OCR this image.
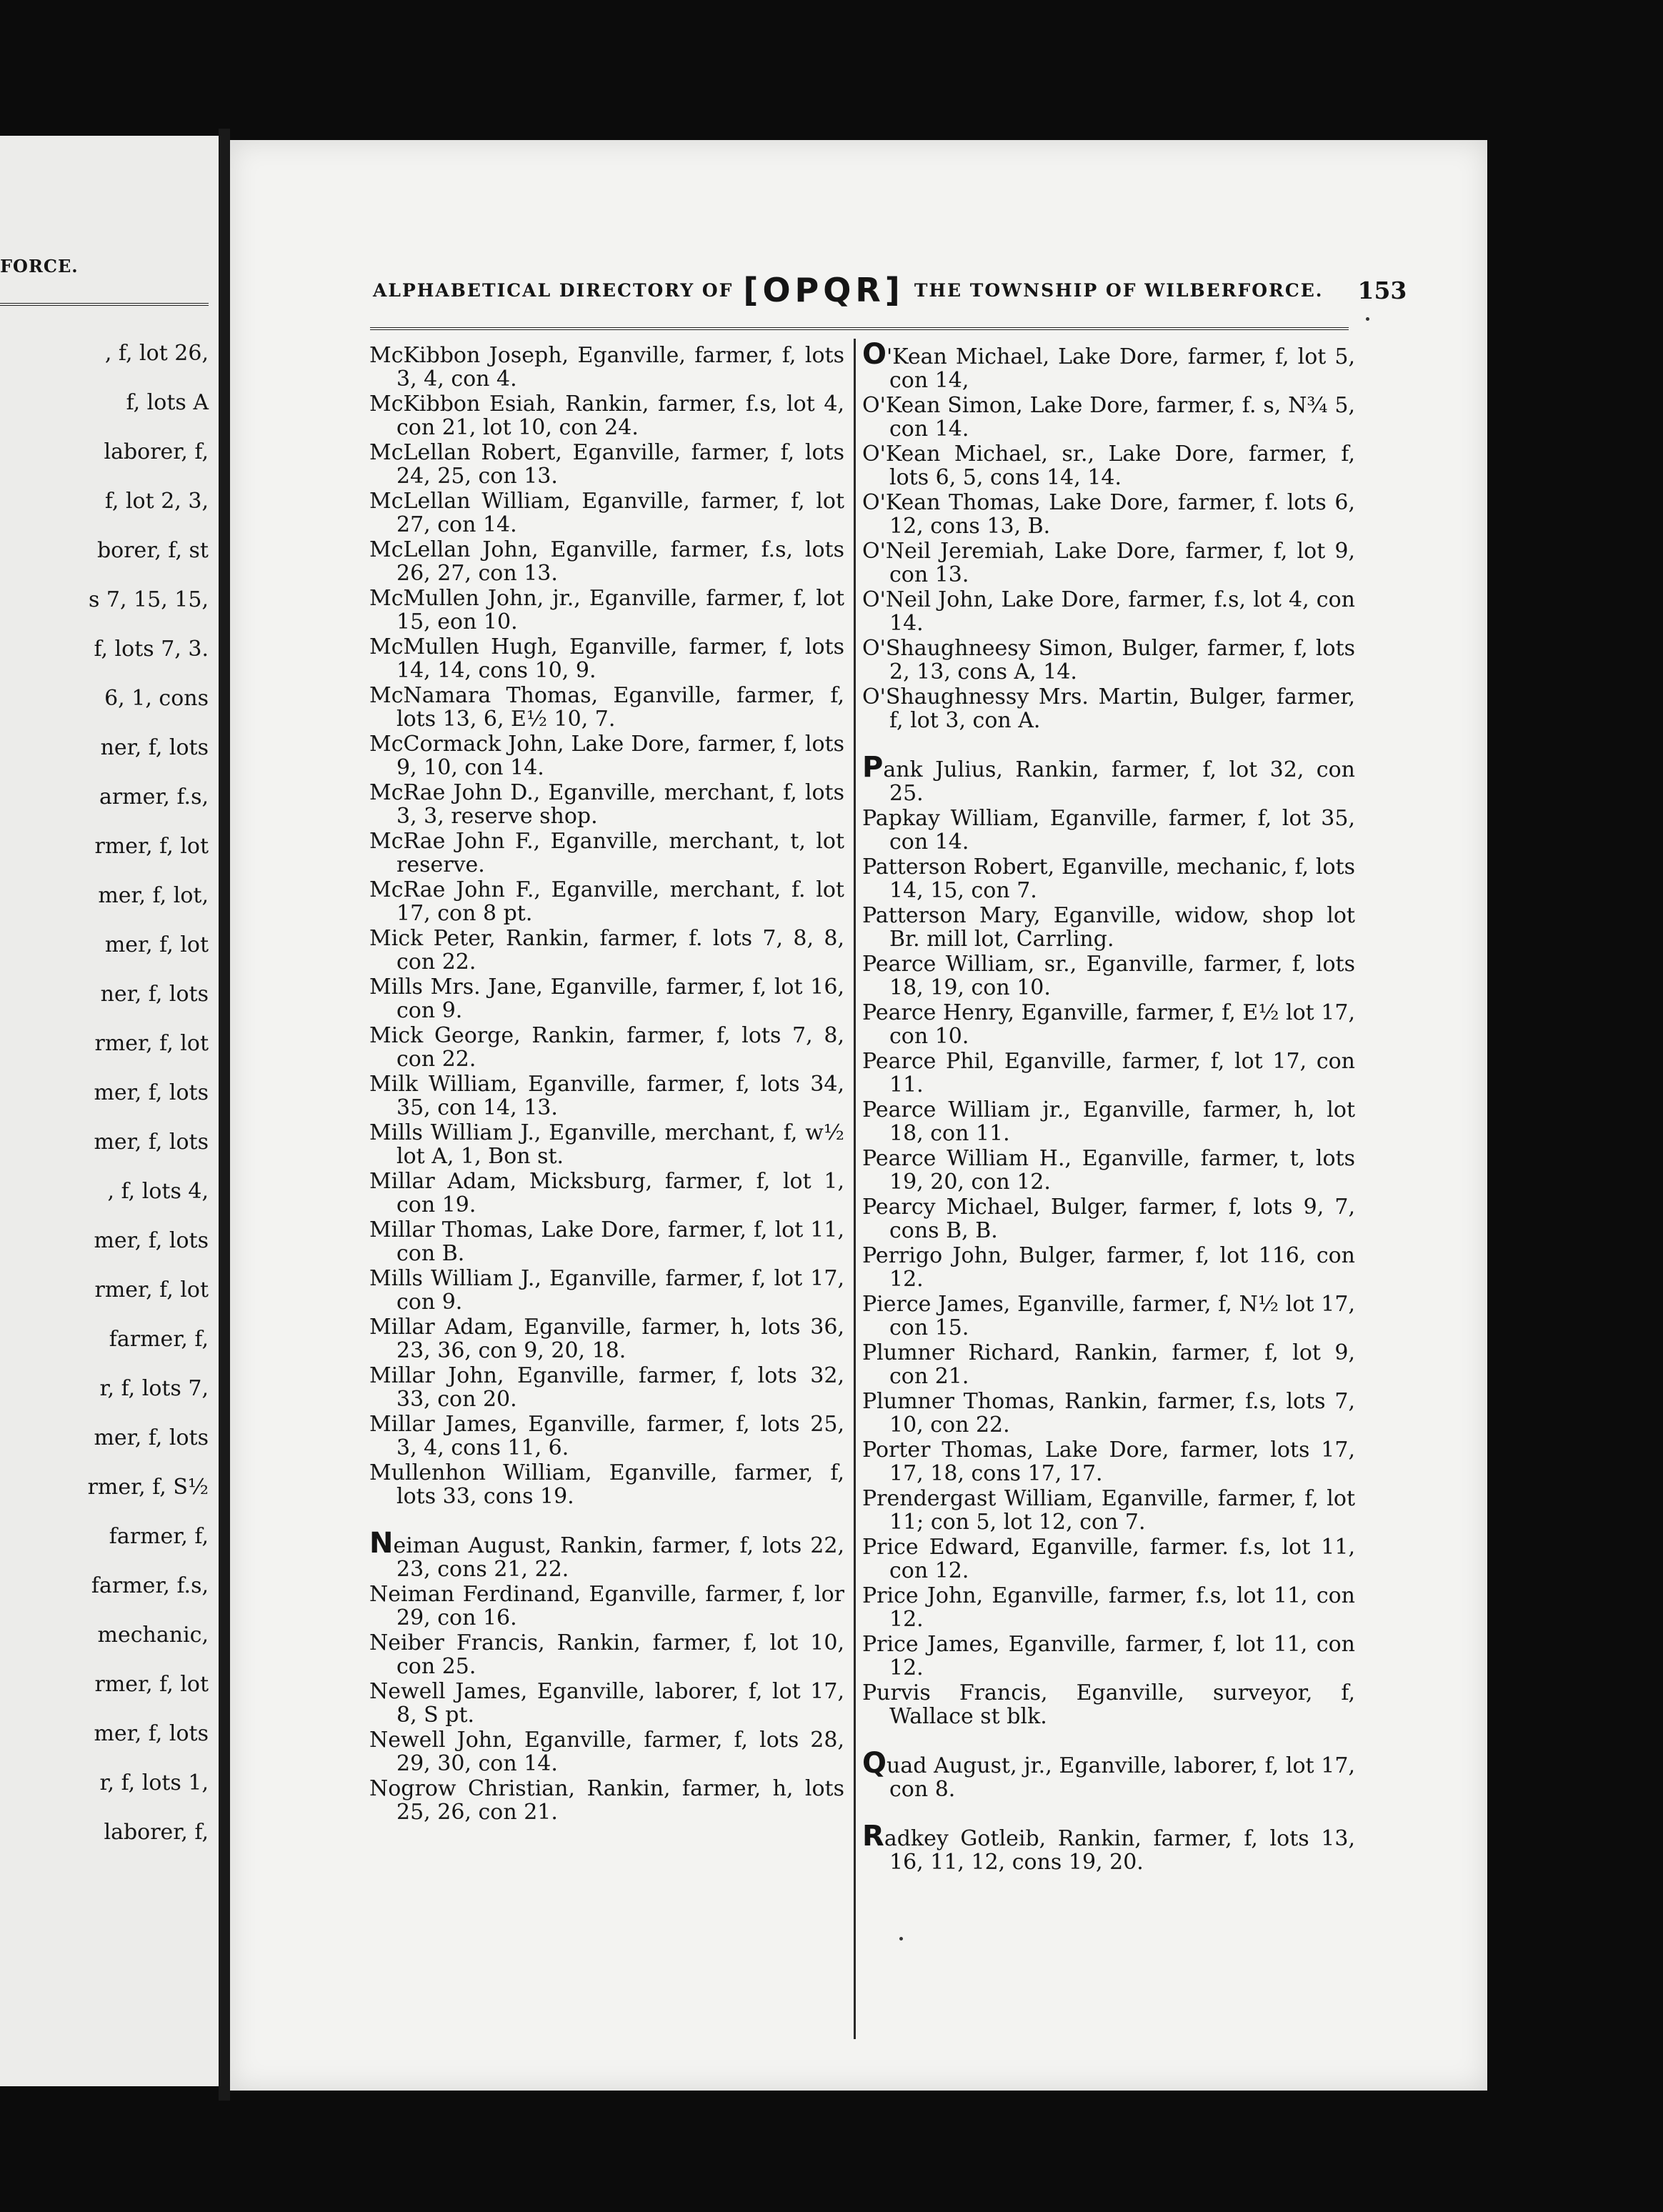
FORCE.
, f, lot 26,
f, lots A
laborer, f,
f, lot 2, 3,
borer, f, st
s 7, 15, 15,
f, lots 7, 3.
6, 1, cons
ner, f, lots
armer, f.s,
rmer, f, lot
mer, f, lot,
mer, f, lot
ner, f, lots
rmer, f, lot
mer, f, lots
mer, f, lots
, f, lots 4,
mer, f, lots
rmer, f, lot
farmer, f,
r, f, lots 7,
mer, f, lots
rmer, f, S½
farmer, f,
farmer, f.s,
mechanic,
rmer, f, lot
mer, f, lots
r, f, lots 1,
laborer, f,
ALPHABETICAL DIRECTORY OF [OPQR] THE TOWNSHIP OF WILBERFORCE. 153
McKibbon Joseph, Eganville, farmer, f, lots 3, 4, con 4.
McKibbon Esiah, Rankin, farmer, f.s, lot 4, con 21, lot 10, con 24.
McLellan Robert, Eganville, farmer, f, lots 24, 25, con 13.
McLellan William, Eganville, farmer, f, lot 27, con 14.
McLellan John, Eganville, farmer, f.s, lots 26, 27, con 13.
McMullen John, jr., Eganville, farmer, f, lot 15, eon 10.
McMullen Hugh, Eganville, farmer, f, lots 14, 14, cons 10, 9.
McNamara Thomas, Eganville, farmer, f, lots 13, 6, E½ 10, 7.
McCormack John, Lake Dore, farmer, f, lots 9, 10, con 14.
McRae John D., Eganville, merchant, f, lots 3, 3, reserve shop.
McRae John F., Eganville, merchant, t, lot reserve.
McRae John F., Eganville, merchant, f. lot 17, con 8 pt.
Mick Peter, Rankin, farmer, f. lots 7, 8, 8, con 22.
Mills Mrs. Jane, Eganville, farmer, f, lot 16, con 9.
Mick George, Rankin, farmer, f, lots 7, 8, con 22.
Milk William, Eganville, farmer, f, lots 34, 35, con 14, 13.
Mills William J., Eganville, merchant, f, w½ lot A, 1, Bon st.
Millar Adam, Micksburg, farmer, f, lot 1, con 19.
Millar Thomas, Lake Dore, farmer, f, lot 11, con B.
Mills William J., Eganville, farmer, f, lot 17, con 9.
Millar Adam, Eganville, farmer, h, lots 36, 23, 36, con 9, 20, 18.
Millar John, Eganville, farmer, f, lots 32, 33, con 20.
Millar James, Eganville, farmer, f, lots 25, 3, 4, cons 11, 6.
Mullenhon William, Eganville, farmer, f, lots 33, cons 19.
Neiman August, Rankin, farmer, f, lots 22, 23, cons 21, 22.
Neiman Ferdinand, Eganville, farmer, f, lor 29, con 16.
Neiber Francis, Rankin, farmer, f, lot 10, con 25.
Newell James, Eganville, laborer, f, lot 17, 8, S pt.
Newell John, Eganville, farmer, f, lots 28, 29, 30, con 14.
Nogrow Christian, Rankin, farmer, h, lots 25, 26, con 21.
O'Kean Michael, Lake Dore, farmer, f, lot 5, con 14,
O'Kean Simon, Lake Dore, farmer, f. s, N¾ 5, con 14.
O'Kean Michael, sr., Lake Dore, farmer, f, lots 6, 5, cons 14, 14.
O'Kean Thomas, Lake Dore, farmer, f. lots 6, 12, cons 13, B.
O'Neil Jeremiah, Lake Dore, farmer, f, lot 9, con 13.
O'Neil John, Lake Dore, farmer, f.s, lot 4, con 14.
O'Shaughneesy Simon, Bulger, farmer, f, lots 2, 13, cons A, 14.
O'Shaughnessy Mrs. Martin, Bulger, farmer, f, lot 3, con A.
Pank Julius, Rankin, farmer, f, lot 32, con 25.
Papkay William, Eganville, farmer, f, lot 35, con 14.
Patterson Robert, Eganville, mechanic, f, lots 14, 15, con 7.
Patterson Mary, Eganville, widow, shop lot Br. mill lot, Carrling.
Pearce William, sr., Eganville, farmer, f, lots 18, 19, con 10.
Pearce Henry, Eganville, farmer, f, E½ lot 17, con 10.
Pearce Phil, Eganville, farmer, f, lot 17, con 11.
Pearce William jr., Eganville, farmer, h, lot 18, con 11.
Pearce William H., Eganville, farmer, t, lots 19, 20, con 12.
Pearcy Michael, Bulger, farmer, f, lots 9, 7, cons B, B.
Perrigo John, Bulger, farmer, f, lot 116, con 12.
Pierce James, Eganville, farmer, f, N½ lot 17, con 15.
Plumner Richard, Rankin, farmer, f, lot 9, con 21.
Plumner Thomas, Rankin, farmer, f.s, lots 7, 10, con 22.
Porter Thomas, Lake Dore, farmer, lots 17, 17, 18, cons 17, 17.
Prendergast William, Eganville, farmer, f, lot 11; con 5, lot 12, con 7.
Price Edward, Eganville, farmer. f.s, lot 11, con 12.
Price John, Eganville, farmer, f.s, lot 11, con 12.
Price James, Eganville, farmer, f, lot 11, con 12.
Purvis Francis, Eganville, surveyor, f, Wallace st blk.
Quad August, jr., Eganville, laborer, f, lot 17, con 8.
Radkey Gotleib, Rankin, farmer, f, lots 13, 16, 11, 12, cons 19, 20.
